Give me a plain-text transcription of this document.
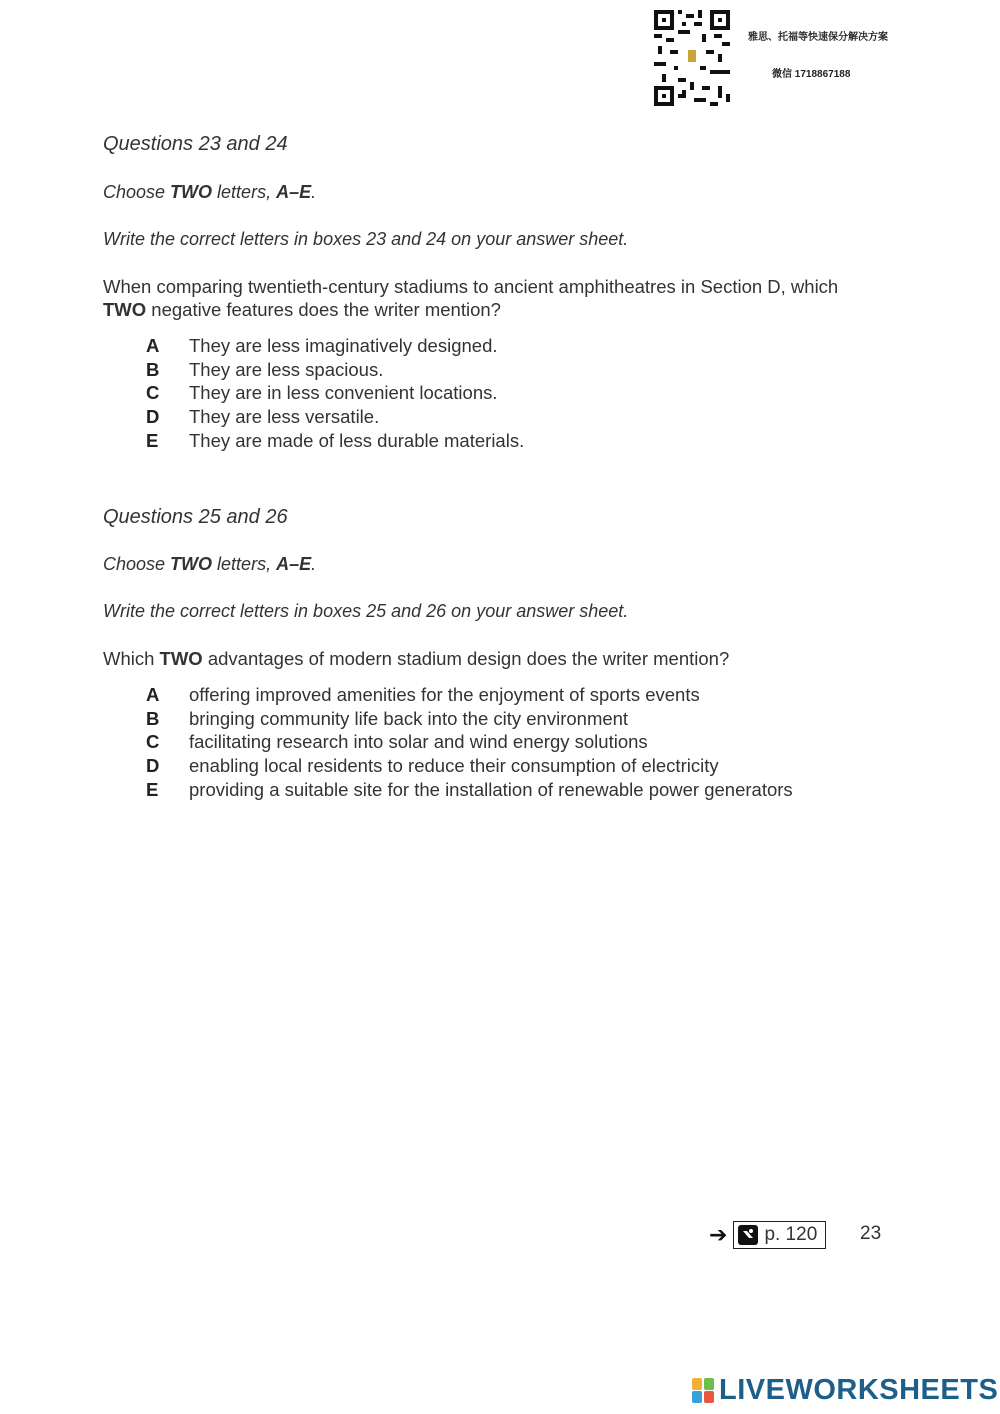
雅思、托福等快速保分解决方案
微信 1718867188
Questions 23 and 24
Choose TWO letters, A–E.
Write the correct letters in boxes 23 and 24 on your answer sheet.
When comparing twentieth-century stadiums to ancient amphitheatres in Section D, which TWO negative features does the writer mention?
A They are less imaginatively designed.
B They are less spacious.
C They are in less convenient locations.
D They are less versatile.
E They are made of less durable materials.
Questions 25 and 26
Choose TWO letters, A–E.
Write the correct letters in boxes 25 and 26 on your answer sheet.
Which TWO advantages of modern stadium design does the writer mention?
A offering improved amenities for the enjoyment of sports events
B bringing community life back into the city environment
C facilitating research into solar and wind energy solutions
D enabling local residents to reduce their consumption of electricity
E providing a suitable site for the installation of renewable power generators
➔ p. 120 23
LIVEWORKSHEETS
